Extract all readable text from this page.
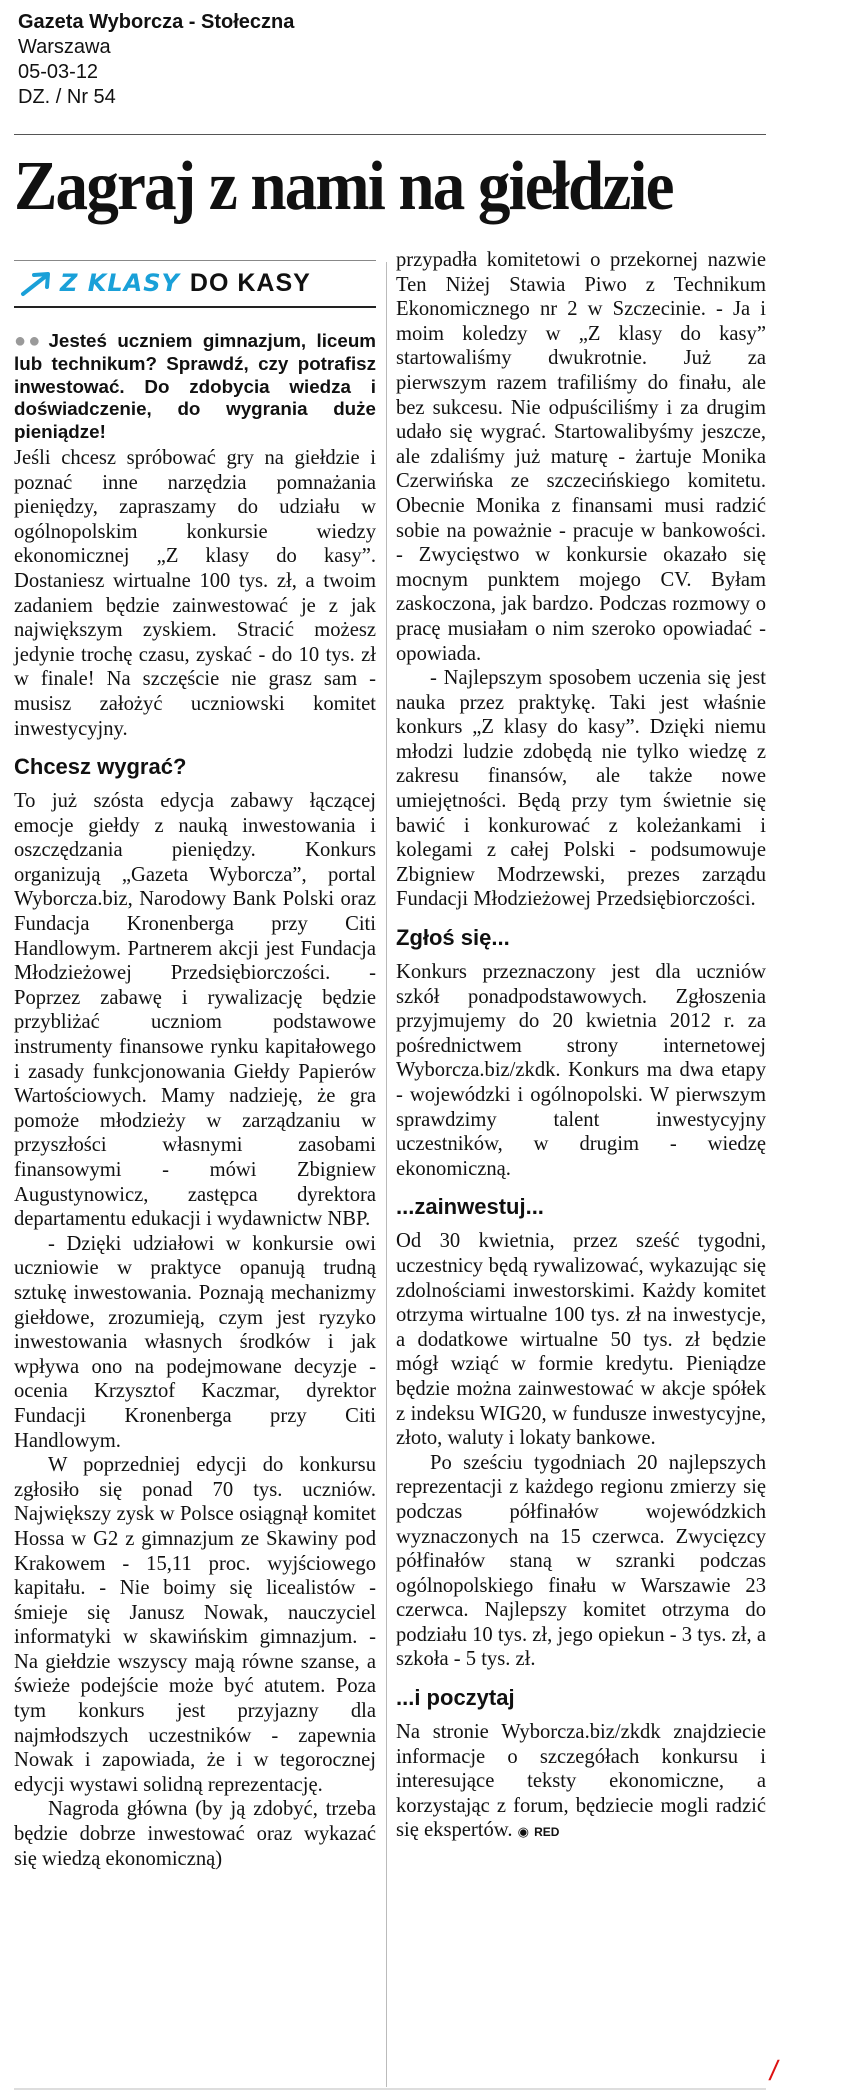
Gazeta Wyborcza - Stołeczna
Warszawa
05-03-12
DZ. / Nr 54
Zagraj z nami na giełdzie
Z KLASY DO KASY

●● Jesteś uczniem gimnazjum, liceum lub technikum? Sprawdź, czy potrafisz inwestować. Do zdobycia wiedza i doświadczenie, do wygrania duże pieniądze!

Jeśli chcesz spróbować gry na giełdzie i poznać inne narzędzia pomnażania pieniędzy, zapraszamy do udziału w ogólnopolskim konkursie wiedzy ekonomicznej „Z klasy do kasy”. Dostaniesz wirtualne 100 tys. zł, a twoim zadaniem będzie zainwestować je z jak największym zyskiem. Stracić możesz jedynie trochę czasu, zyskać - do 10 tys. zł w finale! Na szczęście nie grasz sam - musisz założyć uczniowski komitet inwestycyjny.

Chcesz wygrać?

To już szósta edycja zabawy łączącej emocje giełdy z nauką inwestowania i oszczędzania pieniędzy. Konkurs organizują „Gazeta Wyborcza”, portal Wyborcza.biz, Narodowy Bank Polski oraz Fundacja Kronenberga przy Citi Handlowym. Partnerem akcji jest Fundacja Młodzieżowej Przedsiębiorczości. - Poprzez zabawę i rywalizację będzie przybliżać uczniom podstawowe instrumenty finansowe rynku kapitałowego i zasady funkcjonowania Giełdy Papierów Wartościowych. Mamy nadzieję, że gra pomoże młodzieży w zarządzaniu w przyszłości własnymi zasobami finansowymi - mówi Zbigniew Augustynowicz, zastępca dyrektora departamentu edukacji i wydawnictw NBP.

- Dzięki udziałowi w konkursie owi uczniowie w praktyce opanują trudną sztukę inwestowania. Poznają mechanizmy giełdowe, zrozumieją, czym jest ryzyko inwestowania własnych środków i jak wpływa ono na podejmowane decyzje - ocenia Krzysztof Kaczmar, dyrektor Fundacji Kronenberga przy Citi Handlowym.

W poprzedniej edycji do konkursu zgłosiło się ponad 70 tys. uczniów. Największy zysk w Polsce osiągnął komitet Hossa w G2 z gimnazjum ze Skawiny pod Krakowem - 15,11 proc. wyjściowego kapitału. - Nie boimy się licealistów - śmieje się Janusz Nowak, nauczyciel informatyki w skawińskim gimnazjum. - Na giełdzie wszyscy mają równe szanse, a świeże podejście może być atutem. Poza tym konkurs jest przyjazny dla najmłodszych uczestników - zapewnia Nowak i zapowiada, że i w tegorocznej edycji wystawi solidną reprezentację.

Nagroda główna (by ją zdobyć, trzeba będzie dobrze inwestować oraz wykazać się wiedzą ekonomiczną)

przypadła komitetowi o przekornej nazwie Ten Niżej Stawia Piwo z Technikum Ekonomicznego nr 2 w Szczecinie. - Ja i moim koledzy w „Z klasy do kasy” startowaliśmy dwukrotnie. Już za pierwszym razem trafiliśmy do finału, ale bez sukcesu. Nie odpuściliśmy i za drugim udało się wygrać. Startowalibyśmy jeszcze, ale zdaliśmy już maturę - żartuje Monika Czerwińska ze szczecińskiego komitetu. Obecnie Monika z finansami musi radzić sobie na poważnie - pracuje w bankowości. - Zwycięstwo w konkursie okazało się mocnym punktem mojego CV. Byłam zaskoczona, jak bardzo. Podczas rozmowy o pracę musiałam o nim szeroko opowiadać - opowiada.

- Najlepszym sposobem uczenia się jest nauka przez praktykę. Taki jest właśnie konkurs „Z klasy do kasy”. Dzięki niemu młodzi ludzie zdobędą nie tylko wiedzę z zakresu finansów, ale także nowe umiejętności. Będą przy tym świetnie się bawić i konkurować z koleżankami i kolegami z całej Polski - podsumowuje Zbigniew Modrzewski, prezes zarządu Fundacji Młodzieżowej Przedsiębiorczości.

Zgłoś się...

Konkurs przeznaczony jest dla uczniów szkół ponadpodstawowych. Zgłoszenia przyjmujemy do 20 kwietnia 2012 r. za pośrednictwem strony internetowej Wyborcza.biz/zkdk. Konkurs ma dwa etapy - wojewódzki i ogólnopolski. W pierwszym sprawdzimy talent inwestycyjny uczestników, w drugim - wiedzę ekonomiczną.

...zainwestuj...

Od 30 kwietnia, przez sześć tygodni, uczestnicy będą rywalizować, wykazując się zdolnościami inwestorskimi. Każdy komitet otrzyma wirtualne 100 tys. zł na inwestycje, a dodatkowe wirtualne 50 tys. zł będzie mógł wziąć w formie kredytu. Pieniądze będzie można zainwestować w akcje spółek z indeksu WIG20, w fundusze inwestycyjne, złoto, waluty i lokaty bankowe.

Po sześciu tygodniach 20 najlepszych reprezentacji z każdego regionu zmierzy się podczas półfinałów wojewódzkich wyznaczonych na 15 czerwca. Zwycięzcy półfinałów staną w szranki podczas ogólnopolskiego finału w Warszawie 23 czerwca. Najlepszy komitet otrzyma do podziału 10 tys. zł, jego opiekun - 3 tys. zł, a szkoła - 5 tys. zł.

...i poczytaj

Na stronie Wyborcza.biz/zkdk znajdziecie informacje o szczegółach konkursu i interesujące teksty ekonomiczne, a korzystając z forum, będziecie mogli radzić się ekspertów. ◉ RED

/
